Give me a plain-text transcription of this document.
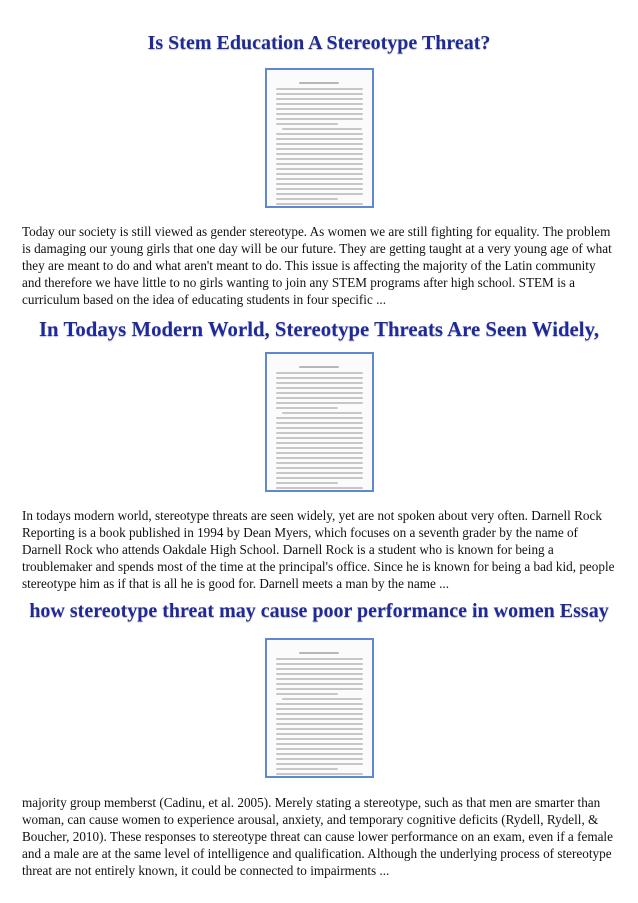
Is Stem Education A Stereotype Threat?

Today our society is still viewed as gender stereotype. As women we are still fighting for equality. The problem is damaging our young girls that one day will be our future. They are getting taught at a very young age of what they are meant to do and what aren't meant to do. This issue is affecting the majority of the Latin community and therefore we have little to no girls wanting to join any STEM programs after high school. STEM is a curriculum based on the idea of educating students in four specific ...

In Todays Modern World, Stereotype Threats Are Seen Widely,

In todays modern world, stereotype threats are seen widely, yet are not spoken about very often. Darnell Rock Reporting is a book published in 1994 by Dean Myers, which focuses on a seventh grader by the name of Darnell Rock who attends Oakdale High School. Darnell Rock is a student who is known for being a troublemaker and spends most of the time at the principal's office. Since he is known for being a bad kid, people stereotype him as if that is all he is good for. Darnell meets a man by the name ...

how stereotype threat may cause poor performance in women Essay

majority group memberst (Cadinu, et al. 2005). Merely stating a stereotype, such as that men are smarter than woman, can cause women to experience arousal, anxiety, and temporary cognitive deficits (Rydell, Rydell, & Boucher, 2010). These responses to stereotype threat can cause lower performance on an exam, even if a female and a male are at the same level of intelligence and qualification. Although the underlying process of stereotype threat are not entirely known, it could be connected to impairments ...
